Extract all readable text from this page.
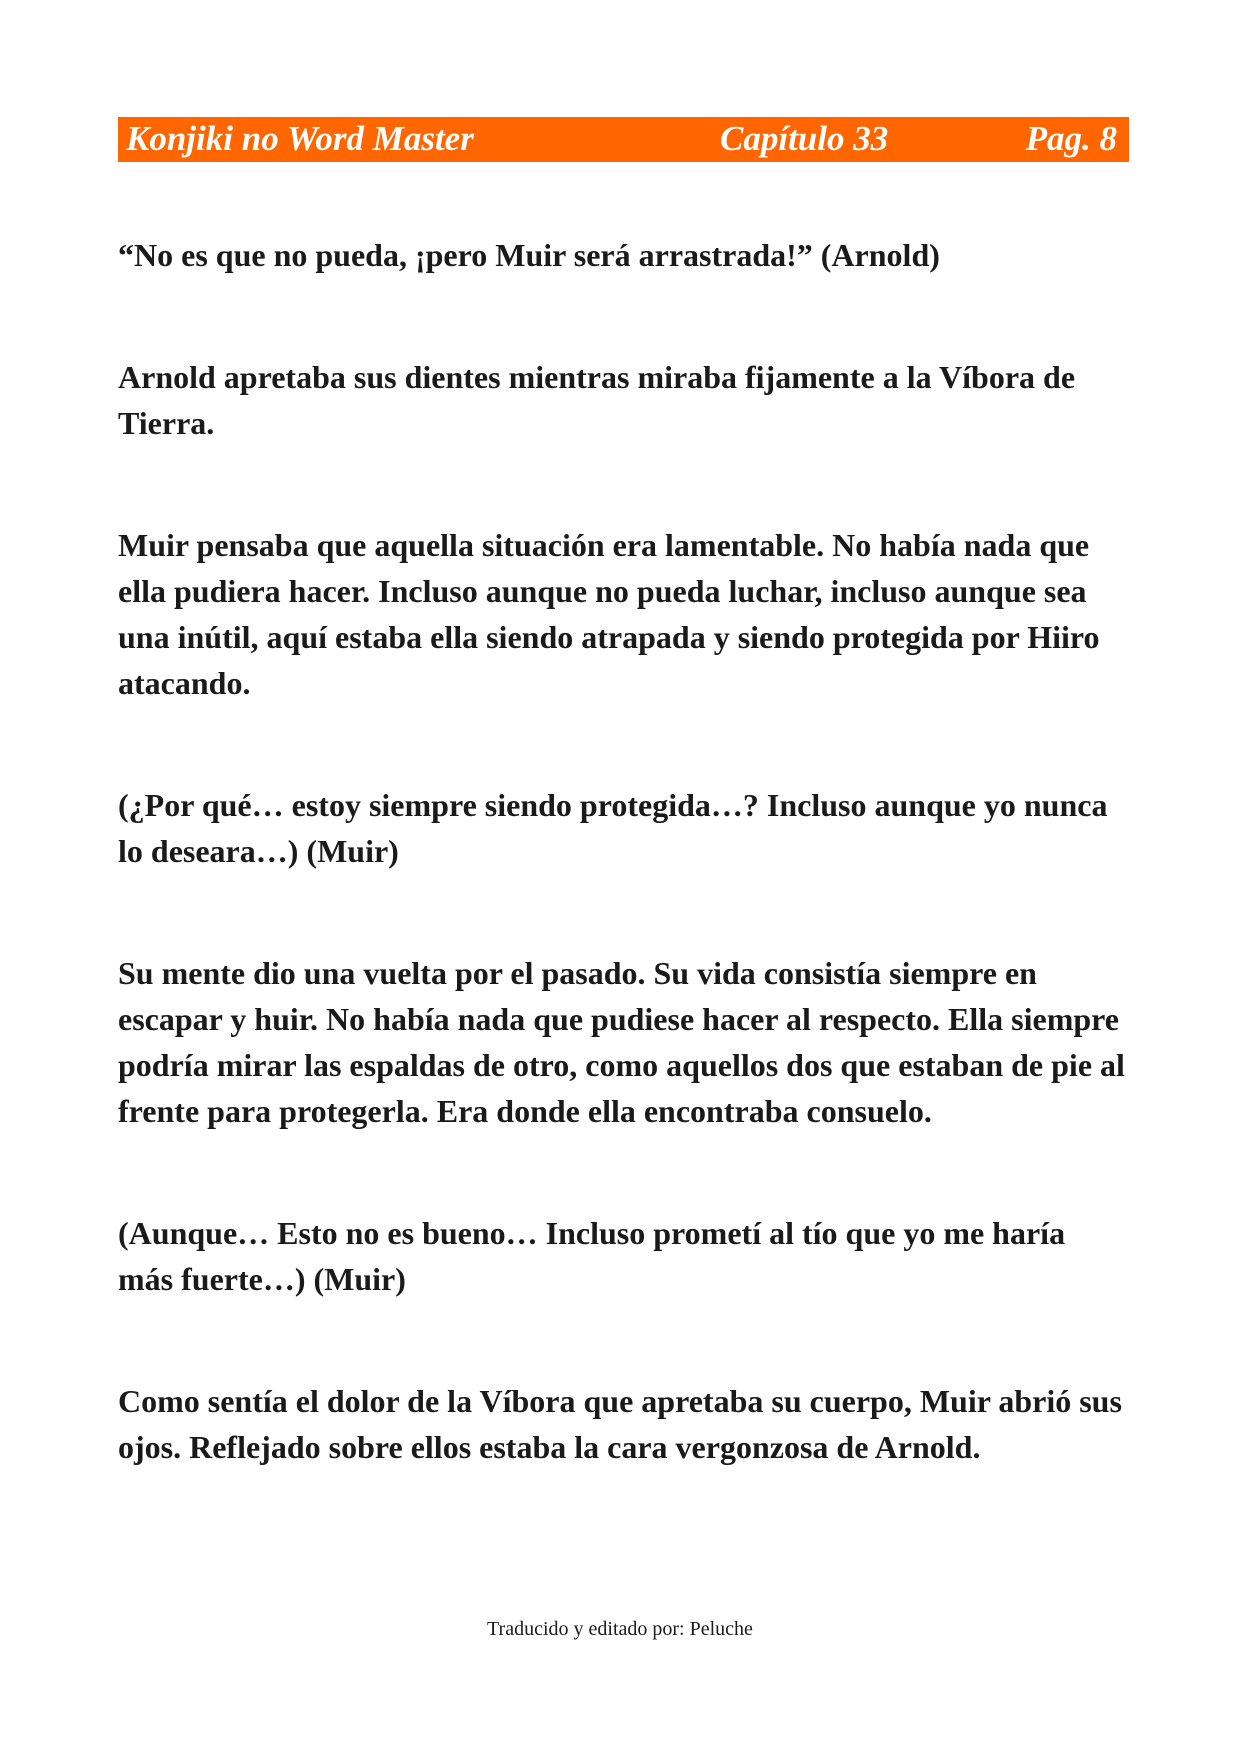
Konjiki no Word Master	Capítulo 33	Pag. 8

“No es que no pueda, ¡pero Muir será arrastrada!” (Arnold)

Arnold apretaba sus dientes mientras miraba fijamente a la Víbora de Tierra.

Muir pensaba que aquella situación era lamentable. No había nada que ella pudiera hacer. Incluso aunque no pueda luchar, incluso aunque sea una inútil, aquí estaba ella siendo atrapada y siendo protegida por Hiiro atacando.

(¿Por qué… estoy siempre siendo protegida…? Incluso aunque yo nunca lo deseara…) (Muir)

Su mente dio una vuelta por el pasado. Su vida consistía siempre en escapar y huir. No había nada que pudiese hacer al respecto. Ella siempre podría mirar las espaldas de otro, como aquellos dos que estaban de pie al frente para protegerla. Era donde ella encontraba consuelo.

(Aunque… Esto no es bueno… Incluso prometí al tío que yo me haría más fuerte…) (Muir)

Como sentía el dolor de la Víbora que apretaba su cuerpo, Muir abrió sus ojos. Reflejado sobre ellos estaba la cara vergonzosa de Arnold.

Traducido y editado por: Peluche
